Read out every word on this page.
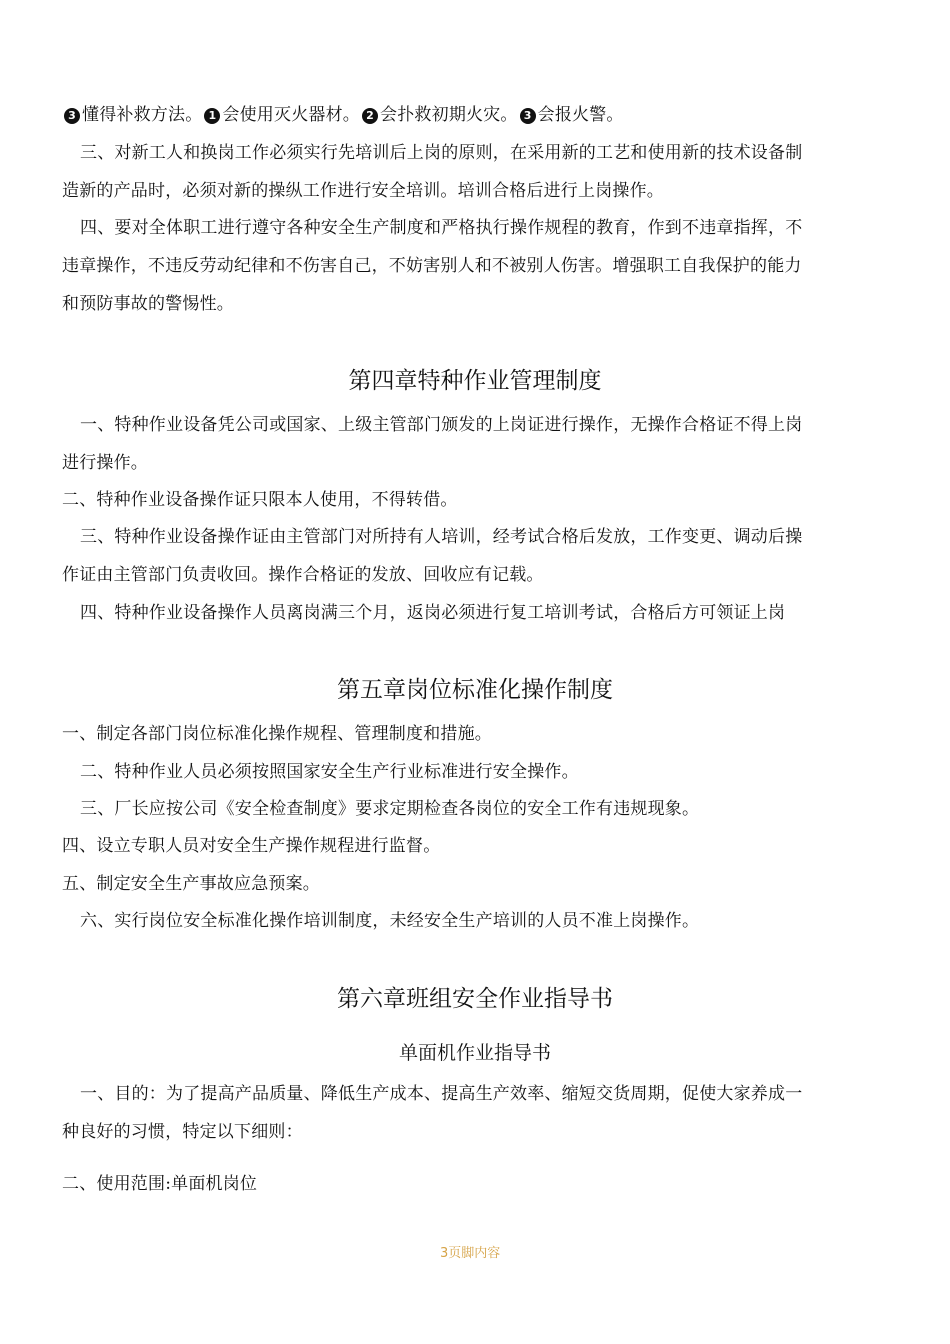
3 懂得补救方法。 1 会使用灭火器材。 2 会扑救初期火灾。 3 会报火警。
三、对新工人和换岗工作必须实行先培训后上岗的原则，在采用新的工艺和使用新的技术设备制
造新的产品时，必须对新的操纵工作进行安全培训。培训合格后进行上岗操作。
四、要对全体职工进行遵守各种安全生产制度和严格执行操作规程的教育，作到不违章指挥，不
违章操作，不违反劳动纪律和不伤害自己，不妨害别人和不被别人伤害。增强职工自我保护的能力
和预防事故的警惕性。
第四章特种作业管理制度
一、特种作业设备凭公司或国家、上级主管部门颁发的上岗证进行操作，无操作合格证不得上岗
进行操作。
二、特种作业设备操作证只限本人使用，不得转借。
三、特种作业设备操作证由主管部门对所持有人培训，经考试合格后发放，工作变更、调动后操
作证由主管部门负责收回。操作合格证的发放、回收应有记载。
四、特种作业设备操作人员离岗满三个月，返岗必须进行复工培训考试，合格后方可领证上岗
第五章岗位标准化操作制度
一、制定各部门岗位标准化操作规程、管理制度和措施。
二、特种作业人员必须按照国家安全生产行业标准进行安全操作。
三、厂长应按公司《安全检查制度》要求定期检查各岗位的安全工作有违规现象。
四、设立专职人员对安全生产操作规程进行监督。
五、制定安全生产事故应急预案。
六、实行岗位安全标准化操作培训制度，未经安全生产培训的人员不准上岗操作。
第六章班组安全作业指导书
单面机作业指导书
一、目的：为了提高产品质量、降低生产成本、提高生产效率、缩短交货周期，促使大家养成一
种良好的习惯，特定以下细则：
二、使用范围:单面机岗位
3页脚内容
